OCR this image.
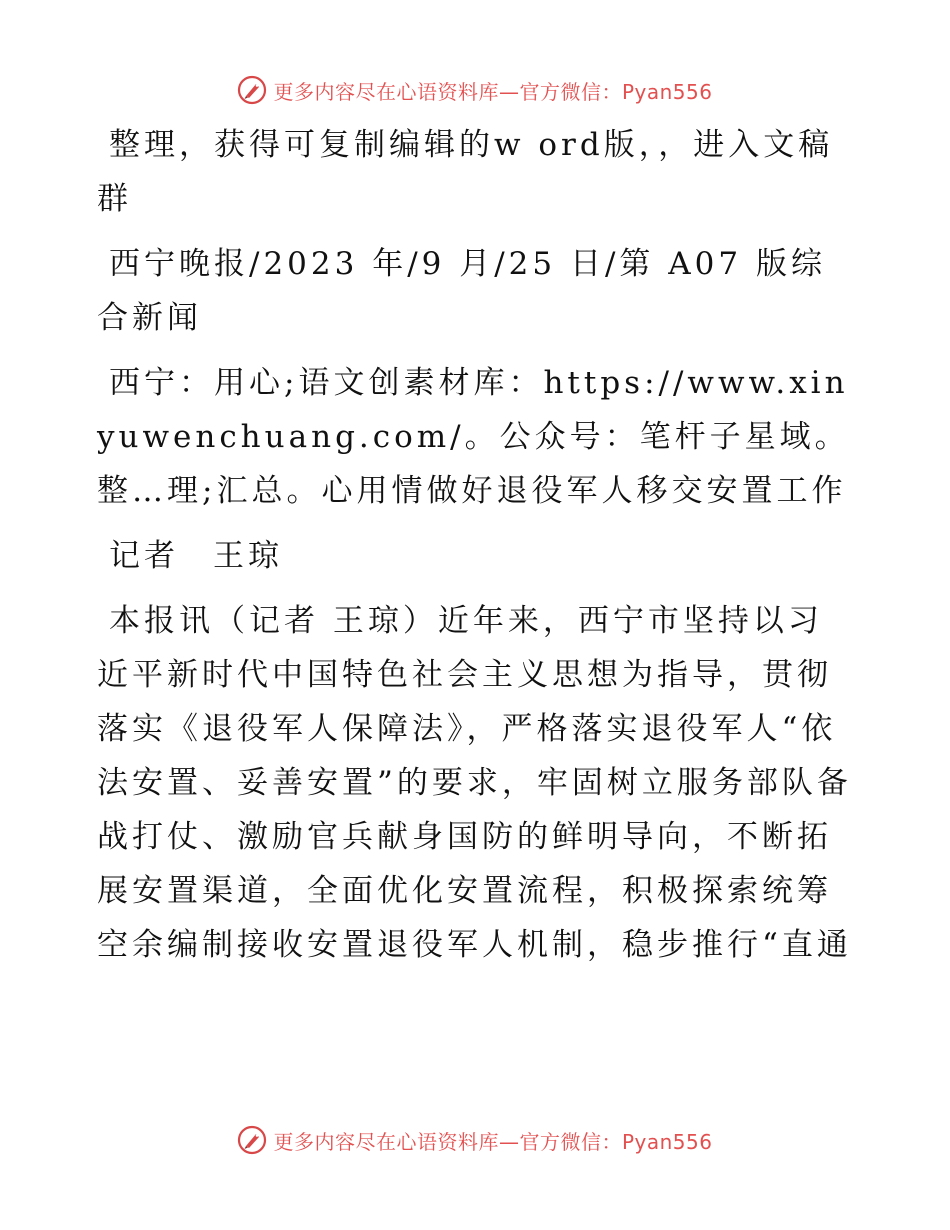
更多内容尽在心语资料库—官方微信：Pyan556

整理，获得可复制编辑的w ord版，，进入文稿群

西宁晚报/2023 年/9 月/25 日/第 A07 版综合新闻

西宁：用心;语文创素材库：https://www.xinyuwenchuang.com/。公众号：笔杆子星域。整…理;汇总。心用情做好退役军人移交安置工作

记者 王琼

本报讯（记者 王琼）近年来，西宁市坚持以习近平新时代中国特色社会主义思想为指导，贯彻落实《退役军人保障法》，严格落实退役军人“依法安置、妥善安置”的要求，牢固树立服务部队备战打仗、激励官兵献身国防的鲜明导向，不断拓展安置渠道，全面优化安置流程，积极探索统筹空余编制接收安置退役军人机制，稳步推行“直通

更多内容尽在心语资料库—官方微信：Pyan556
